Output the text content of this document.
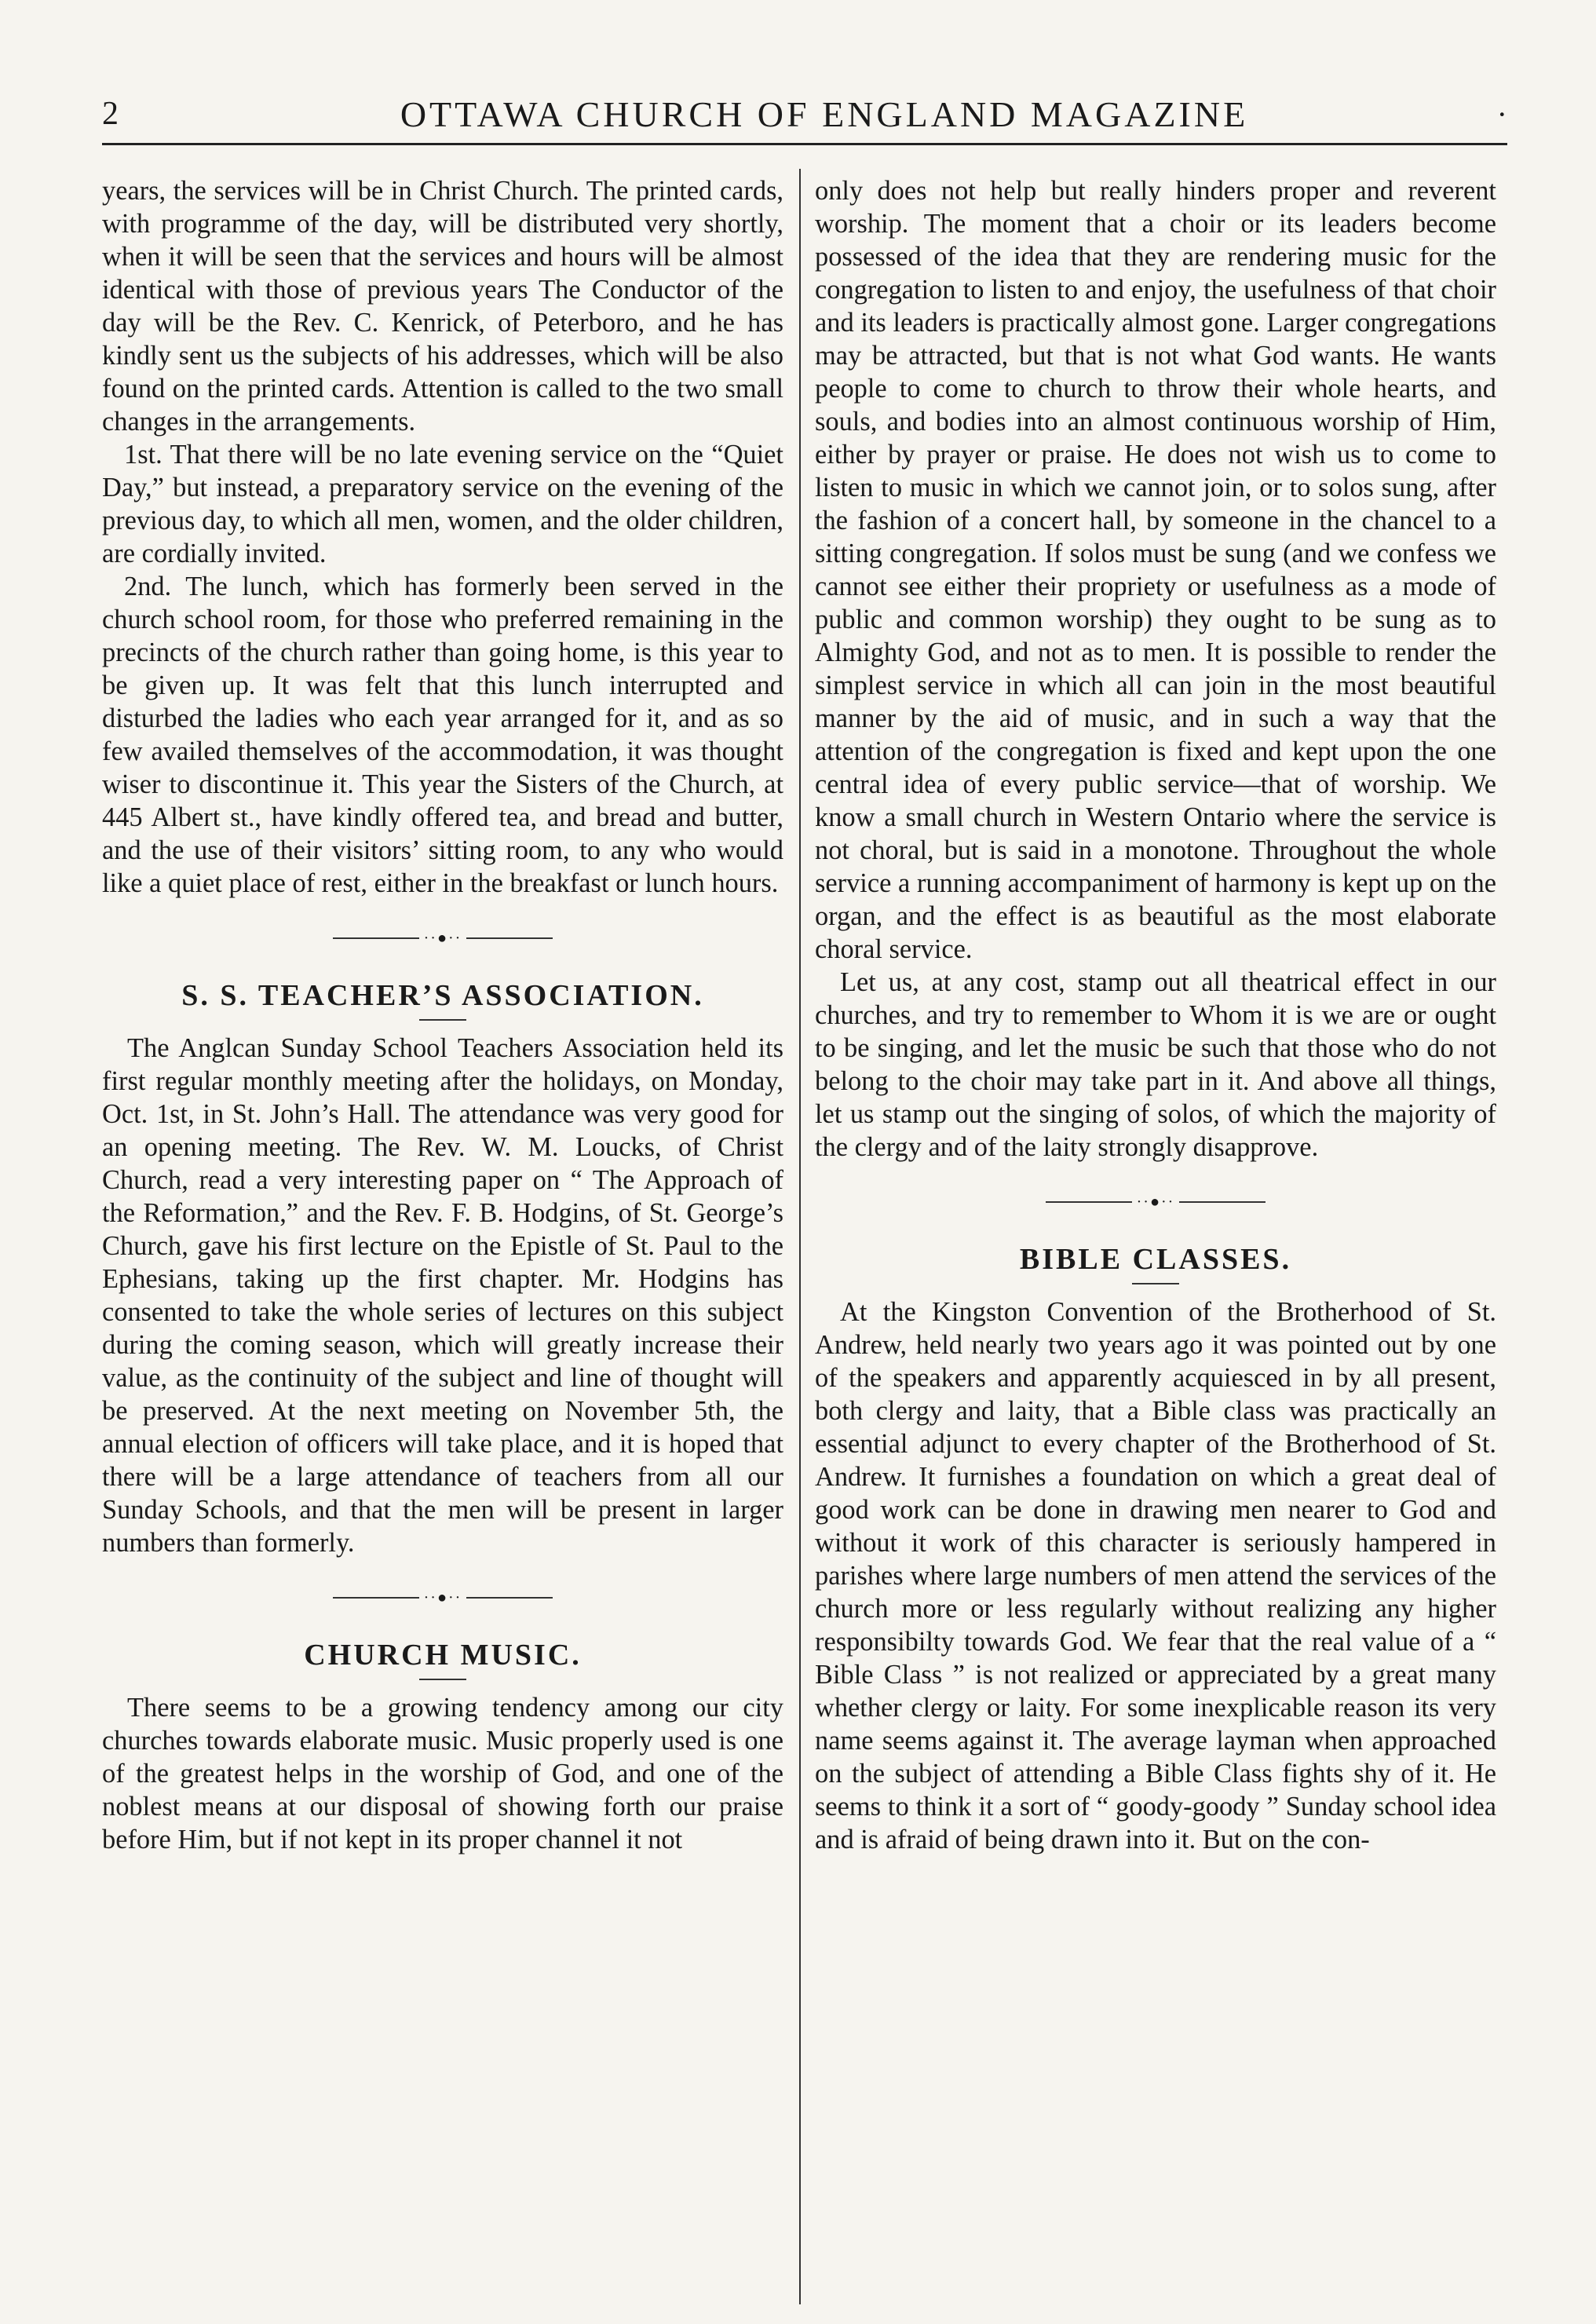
2	OTTAWA CHURCH OF ENGLAND MAGAZINE	·

years, the services will be in Christ Church. The printed cards, with programme of the day, will be distributed very shortly, when it will be seen that the services and hours will be almost identical with those of previous years The Conductor of the day will be the Rev. C. Kenrick, of Peterboro, and he has kindly sent us the subjects of his addresses, which will be also found on the printed cards. Attention is called to the two small changes in the arrangements.

1st. That there will be no late evening service on the “Quiet Day,” but instead, a preparatory service on the evening of the previous day, to which all men, women, and the older children, are cordially invited.

2nd. The lunch, which has formerly been served in the church school room, for those who preferred remaining in the precincts of the church rather than going home, is this year to be given up. It was felt that this lunch interrupted and disturbed the ladies who each year arranged for it, and as so few availed themselves of the accommodation, it was thought wiser to discontinue it. This year the Sisters of the Church, at 445 Albert st., have kindly offered tea, and bread and butter, and the use of their visitors’ sitting room, to any who would like a quiet place of rest, either in the breakfast or lunch hours.

··●··
S. S. TEACHER’S ASSOCIATION.

The Anglcan Sunday School Teachers Association held its first regular monthly meeting after the holidays, on Monday, Oct. 1st, in St. John’s Hall. The attendance was very good for an opening meeting. The Rev. W. M. Loucks, of Christ Church, read a very interesting paper on “ The Approach of the Reformation,” and the Rev. F. B. Hodgins, of St. George’s Church, gave his first lecture on the Epistle of St. Paul to the Ephesians, taking up the first chapter. Mr. Hodgins has consented to take the whole series of lectures on this subject during the coming season, which will greatly increase their value, as the continuity of the subject and line of thought will be preserved. At the next meeting on November 5th, the annual election of officers will take place, and it is hoped that there will be a large attendance of teachers from all our Sunday Schools, and that the men will be present in larger numbers than formerly.

··●··
CHURCH MUSIC.

There seems to be a growing tendency among our city churches towards elaborate music. Music properly used is one of the greatest helps in the worship of God, and one of the noblest means at our disposal of showing forth our praise before Him, but if not kept in its proper channel it not

only does not help but really hinders proper and reverent worship. The moment that a choir or its leaders become possessed of the idea that they are rendering music for the congregation to listen to and enjoy, the usefulness of that choir and its leaders is practically almost gone. Larger congregations may be attracted, but that is not what God wants. He wants people to come to church to throw their whole hearts, and souls, and bodies into an almost continuous worship of Him, either by prayer or praise. He does not wish us to come to listen to music in which we cannot join, or to solos sung, after the fashion of a concert hall, by someone in the chancel to a sitting congregation. If solos must be sung (and we confess we cannot see either their propriety or usefulness as a mode of public and common worship) they ought to be sung as to Almighty God, and not as to men. It is possible to render the simplest service in which all can join in the most beautiful manner by the aid of music, and in such a way that the attention of the congregation is fixed and kept upon the one central idea of every public service—that of worship. We know a small church in Western Ontario where the service is not choral, but is said in a monotone. Throughout the whole service a running accompaniment of harmony is kept up on the organ, and the effect is as beautiful as the most elaborate choral service.

Let us, at any cost, stamp out all theatrical effect in our churches, and try to remember to Whom it is we are or ought to be singing, and let the music be such that those who do not belong to the choir may take part in it. And above all things, let us stamp out the singing of solos, of which the majority of the clergy and of the laity strongly disapprove.

··●··
BIBLE CLASSES.

At the Kingston Convention of the Brotherhood of St. Andrew, held nearly two years ago it was pointed out by one of the speakers and apparently acquiesced in by all present, both clergy and laity, that a Bible class was practically an essential adjunct to every chapter of the Brotherhood of St. Andrew. It furnishes a foundation on which a great deal of good work can be done in drawing men nearer to God and without it work of this character is seriously hampered in parishes where large numbers of men attend the services of the church more or less regularly without realizing any higher responsibilty towards God. We fear that the real value of a “ Bible Class ” is not realized or appreciated by a great many whether clergy or laity. For some inexplicable reason its very name seems against it. The average layman when approached on the subject of attending a Bible Class fights shy of it. He seems to think it a sort of “ goody-goody ” Sunday school idea and is afraid of being drawn into it. But on the con-
